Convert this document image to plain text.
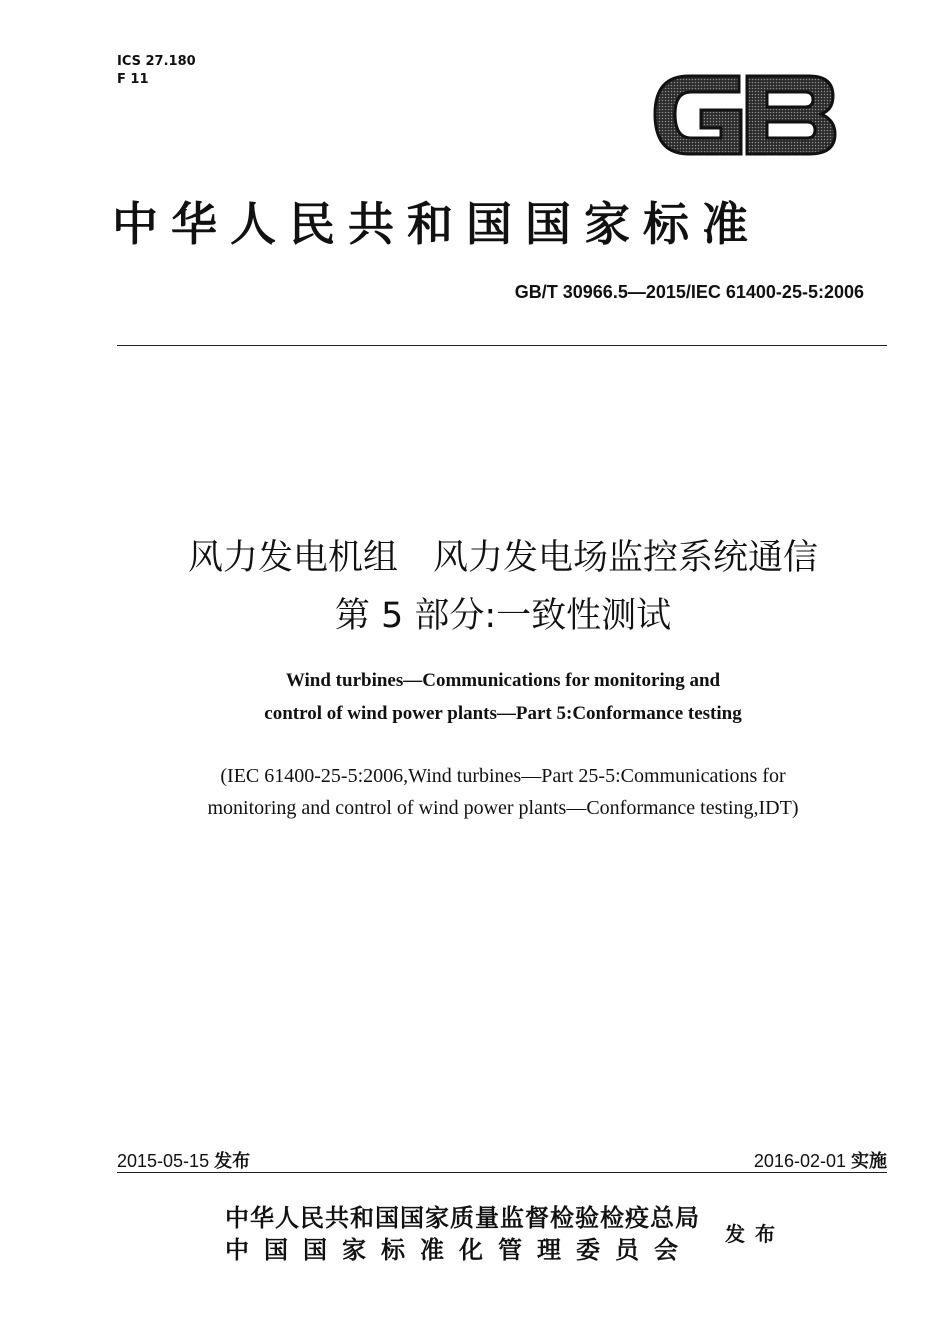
ICS 27.180
F 11
中华人民共和国国家标准
GB/T 30966.5—2015/IEC 61400-25-5:2006
风力发电机组　风力发电场监控系统通信
第 5 部分:一致性测试
Wind turbines—Communications for monitoring and
control of wind power plants—Part 5:Conformance testing
(IEC 61400-25-5:2006,Wind turbines—Part 25-5:Communications for
monitoring and control of wind power plants—Conformance testing,IDT)
2015-05-15 发布	2016-02-01 实施
中华人民共和国国家质量监督检验检疫总局
中国国家标准化管理委员会
发布
